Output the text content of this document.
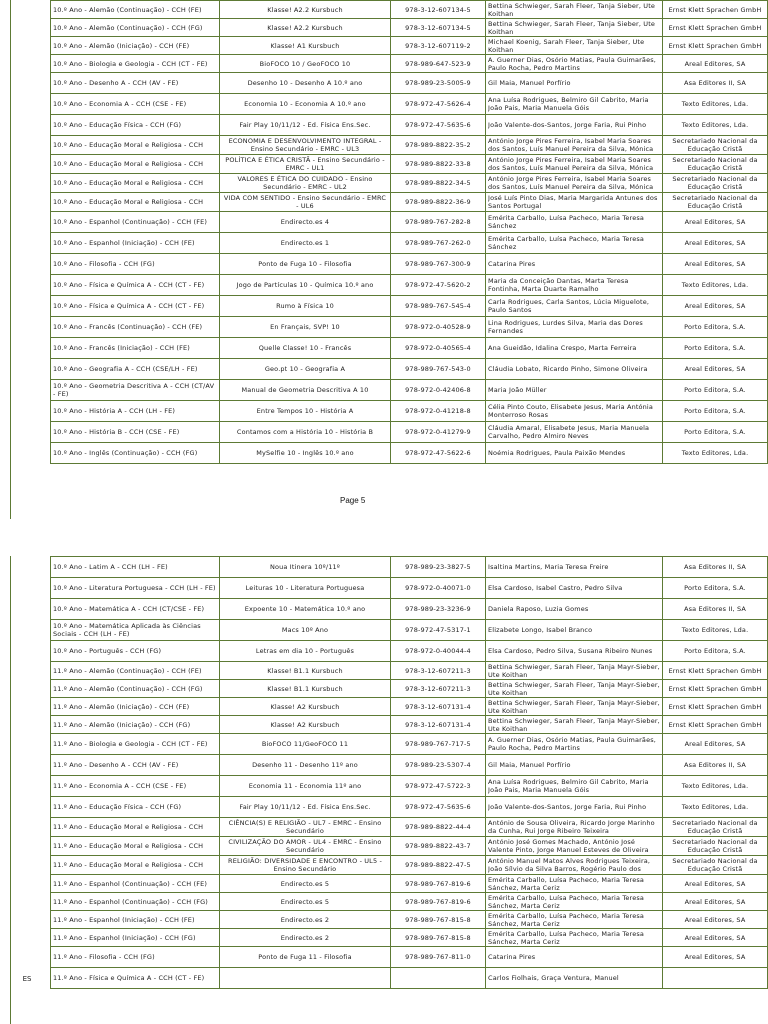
	10.º Ano - Alemão (Continuação) - CCH (FE)	Klasse! A2.2 Kursbuch	978-3-12-607134-5	Bettina Schwieger, Sarah Fleer, Tanja Sieber, Ute Koithan	Ernst Klett Sprachen GmbH

	10.º Ano - Alemão (Continuação) - CCH (FG)	Klasse! A2.2 Kursbuch	978-3-12-607134-5	Bettina Schwieger, Sarah Fleer, Tanja Sieber, Ute Koithan	Ernst Klett Sprachen GmbH

	10.º Ano - Alemão (Iniciação) - CCH (FE)	Klasse! A1 Kursbuch	978-3-12-607119-2	Michael Koenig, Sarah Fleer, Tanja Sieber, Ute Koithan	Ernst Klett Sprachen GmbH

	10.º Ano - Biologia e Geologia - CCH (CT - FE)	BioFOCO 10 / GeoFOCO 10	978-989-647-523-9	A. Guerner Dias, Osório Matias, Paula Guimarães, Paulo Rocha, Pedro Martins	Areal Editores, SA

	10.º Ano - Desenho A - CCH (AV - FE)	Desenho 10 - Desenho A 10.º ano	978-989-23-5005-9	Gil Maia, Manuel Porfírio	Asa Editores II, SA

	10.º Ano - Economia A - CCH (CSE - FE)	Economia 10 - Economia A 10.º ano	978-972-47-5626-4	Ana Luísa Rodrigues, Belmiro Gil Cabrito, Maria João Pais, Maria Manuela Góis	Texto Editores, Lda.

	10.º Ano - Educação Física - CCH (FG)	Fair Play 10/11/12 - Ed. Física Ens.Sec.	978-972-47-5635-6	João Valente-dos-Santos, Jorge Faria, Rui Pinho	Texto Editores, Lda.

	10.º Ano - Educação Moral e Religiosa - CCH	ECONOMIA E DESENVOLVIMENTO INTEGRAL - Ensino Secundário - EMRC - UL3	978-989-8822-35-2	António Jorge Pires Ferreira, Isabel Maria Soares dos Santos, Luís Manuel Pereira da Silva, Mónica	Secretariado Nacional da Educação Cristã

	10.º Ano - Educação Moral e Religiosa - CCH	POLÍTICA E ÉTICA CRISTÃ - Ensino Secundário - EMRC - UL1	978-989-8822-33-8	António Jorge Pires Ferreira, Isabel Maria Soares dos Santos, Luís Manuel Pereira da Silva, Mónica	Secretariado Nacional da Educação Cristã

	10.º Ano - Educação Moral e Religiosa - CCH	VALORES E ÉTICA DO CUIDADO - Ensino Secundário - EMRC - UL2	978-989-8822-34-5	António Jorge Pires Ferreira, Isabel Maria Soares dos Santos, Luís Manuel Pereira da Silva, Mónica	Secretariado Nacional da Educação Cristã

	10.º Ano - Educação Moral e Religiosa - CCH	VIDA COM SENTIDO - Ensino Secundário - EMRC - UL6	978-989-8822-36-9	José Luís Pinto Dias, Maria Margarida Antunes dos Santos Portugal	Secretariado Nacional da Educação Cristã

	10.º Ano - Espanhol (Continuação) - CCH (FE)	Endirecto.es 4	978-989-767-282-8	Emérita Carballo, Luísa Pacheco, Maria Teresa Sánchez	Areal Editores, SA

	10.º Ano - Espanhol (Iniciação) - CCH (FE)	Endirecto.es 1	978-989-767-262-0	Emérita Carballo, Luísa Pacheco, Maria Teresa Sánchez	Areal Editores, SA

	10.º Ano - Filosofia - CCH (FG)	Ponto de Fuga 10 - Filosofia	978-989-767-300-9	Catarina Pires	Areal Editores, SA

	10.º Ano - Física e Química A - CCH (CT - FE)	Jogo de Partículas 10 - Química 10.º ano	978-972-47-5620-2	Maria da Conceição Dantas, Marta Teresa Fontinha, Marta Duarte Ramalho	Texto Editores, Lda.

	10.º Ano - Física e Química A - CCH (CT - FE)	Rumo à Física 10	978-989-767-545-4	Carla Rodrigues, Carla Santos, Lúcia Miguelote, Paulo Santos	Areal Editores, SA

	10.º Ano - Francês (Continuação) - CCH (FE)	En Français, SVP! 10	978-972-0-40528-9	Lina Rodrigues, Lurdes Silva, Maria das Dores Fernandes	Porto Editora, S.A.

	10.º Ano - Francês (Iniciação) - CCH (FE)	Quelle Classe! 10 - Francês	978-972-0-40565-4	Ana Gueidão, Idalina Crespo, Marta Ferreira	Porto Editora, S.A.

	10.º Ano - Geografia A - CCH (CSE/LH - FE)	Geo.pt 10 - Geografia A	978-989-767-543-0	Cláudia Lobato, Ricardo Pinho, Simone Oliveira	Areal Editores, SA

	10.º Ano - Geometria Descritiva A - CCH (CT/AV - FE)	Manual de Geometria Descritiva A 10	978-972-0-42406-8	Maria João Müller	Porto Editora, S.A.

	10.º Ano - História A - CCH (LH - FE)	Entre Tempos 10 - História A	978-972-0-41218-8	Célia Pinto Couto, Elisabete Jesus, Maria Antónia Monterroso Rosas	Porto Editora, S.A.

	10.º Ano - História B - CCH (CSE - FE)	Contamos com a História 10 - História B	978-972-0-41279-9	Cláudia Amaral, Elisabete Jesus, Maria Manuela Carvalho, Pedro Almiro Neves	Porto Editora, S.A.

	10.º Ano - Inglês (Continuação) - CCH (FG)	MySelfie 10 - Inglês 10.º ano	978-972-47-5622-6	Noémia Rodrigues, Paula Paixão Mendes	Texto Editores, Lda.

	10.º Ano - Latim A - CCH (LH - FE)	Noua Itinera 10º/11º	978-989-23-3827-5	Isaltina Martins, Maria Teresa Freire	Asa Editores II, SA

	10.º Ano - Literatura Portuguesa - CCH (LH - FE)	Leituras 10 - Literatura Portuguesa	978-972-0-40071-0	Elsa Cardoso, Isabel Castro, Pedro Silva	Porto Editora, S.A.

	10.º Ano - Matemática A - CCH (CT/CSE - FE)	Expoente 10 - Matemática 10.º ano	978-989-23-3236-9	Daniela Raposo, Luzia Gomes	Asa Editores II, SA

	10.º Ano - Matemática Aplicada às Ciências Sociais - CCH (LH - FE)	Macs 10º Ano	978-972-47-5317-1	Elizabete Longo, Isabel Branco	Texto Editores, Lda.

	10.º Ano - Português - CCH (FG)	Letras em dia 10 - Português	978-972-0-40044-4	Elsa Cardoso, Pedro Silva, Susana Ribeiro Nunes	Porto Editora, S.A.

	11.º Ano - Alemão (Continuação) - CCH (FE)	Klasse! B1.1 Kursbuch	978-3-12-607211-3	Bettina Schwieger, Sarah Fleer, Tanja Mayr-Sieber, Ute Koithan	Ernst Klett Sprachen GmbH

	11.º Ano - Alemão (Continuação) - CCH (FG)	Klasse! B1.1 Kursbuch	978-3-12-607211-3	Bettina Schwieger, Sarah Fleer, Tanja Mayr-Sieber, Ute Koithan	Ernst Klett Sprachen GmbH

	11.º Ano - Alemão (Iniciação) - CCH (FE)	Klasse! A2 Kursbuch	978-3-12-607131-4	Bettina Schwieger, Sarah Fleer, Tanja Mayr-Sieber, Ute Koithan	Ernst Klett Sprachen GmbH

	11.º Ano - Alemão (Iniciação) - CCH (FG)	Klasse! A2 Kursbuch	978-3-12-607131-4	Bettina Schwieger, Sarah Fleer, Tanja Mayr-Sieber, Ute Koithan	Ernst Klett Sprachen GmbH

	11.º Ano - Biologia e Geologia - CCH (CT - FE)	BioFOCO 11/GeoFOCO 11	978-989-767-717-5	A. Guerner Dias, Osório Matias, Paula Guimarães, Paulo Rocha, Pedro Martins	Areal Editores, SA

	11.º Ano - Desenho A - CCH (AV - FE)	Desenho 11 - Desenho 11º ano	978-989-23-5307-4	Gil Maia, Manuel Porfírio	Asa Editores II, SA

	11.º Ano - Economia A - CCH (CSE - FE)	Economia 11 - Economia 11º ano	978-972-47-5722-3	Ana Luísa Rodrigues, Belmiro Gil Cabrito, Maria João Pais, Maria Manuela Góis	Texto Editores, Lda.

	11.º Ano - Educação Física - CCH (FG)	Fair Play 10/11/12 - Ed. Física Ens.Sec.	978-972-47-5635-6	João Valente-dos-Santos, Jorge Faria, Rui Pinho	Texto Editores, Lda.

	11.º Ano - Educação Moral e Religiosa - CCH	CIÊNCIA(S) E RELIGIÃO - UL7 - EMRC - Ensino Secundário	978-989-8822-44-4	António de Sousa Oliveira, Ricardo Jorge Marinho da Cunha, Rui Jorge Ribeiro Teixeira	Secretariado Nacional da Educação Cristã

	11.º Ano - Educação Moral e Religiosa - CCH	CIVILIZAÇÃO DO AMOR - UL4 - EMRC - Ensino Secundário	978-989-8822-43-7	António José Gomes Machado, António José Valente Pinto, Jorge Manuel Esteves de Oliveira	Secretariado Nacional da Educação Cristã

	11.º Ano - Educação Moral e Religiosa - CCH	RELIGIÃO: DIVERSIDADE E ENCONTRO - UL5 - Ensino Secundário	978-989-8822-47-5	António Manuel Matos Alves Rodrigues Teixeira, João Sílvio da Silva Barros, Rogério Paulo dos	Secretariado Nacional da Educação Cristã

	11.º Ano - Espanhol (Continuação) - CCH (FE)	Endirecto.es 5	978-989-767-819-6	Emérita Carballo, Luísa Pacheco, Maria Teresa Sánchez, Marta Ceriz	Areal Editores, SA

	11.º Ano - Espanhol (Continuação) - CCH (FG)	Endirecto.es 5	978-989-767-819-6	Emérita Carballo, Luísa Pacheco, Maria Teresa Sánchez, Marta Ceriz	Areal Editores, SA

	11.º Ano - Espanhol (Iniciação) - CCH (FE)	Endirecto.es 2	978-989-767-815-8	Emérita Carballo, Luísa Pacheco, Maria Teresa Sánchez, Marta Ceriz	Areal Editores, SA

	11.º Ano - Espanhol (Iniciação) - CCH (FG)	Endirecto.es 2	978-989-767-815-8	Emérita Carballo, Luísa Pacheco, Maria Teresa Sánchez, Marta Ceriz	Areal Editores, SA

	11.º Ano - Filosofia - CCH (FG)	Ponto de Fuga 11 - Filosofia	978-989-767-811-0	Catarina Pires	Areal Editores, SA

	11.º Ano - Física e Química A - CCH (CT - FE)			Carlos Fiolhais, Graça Ventura, Manuel	

Page 5
ES
